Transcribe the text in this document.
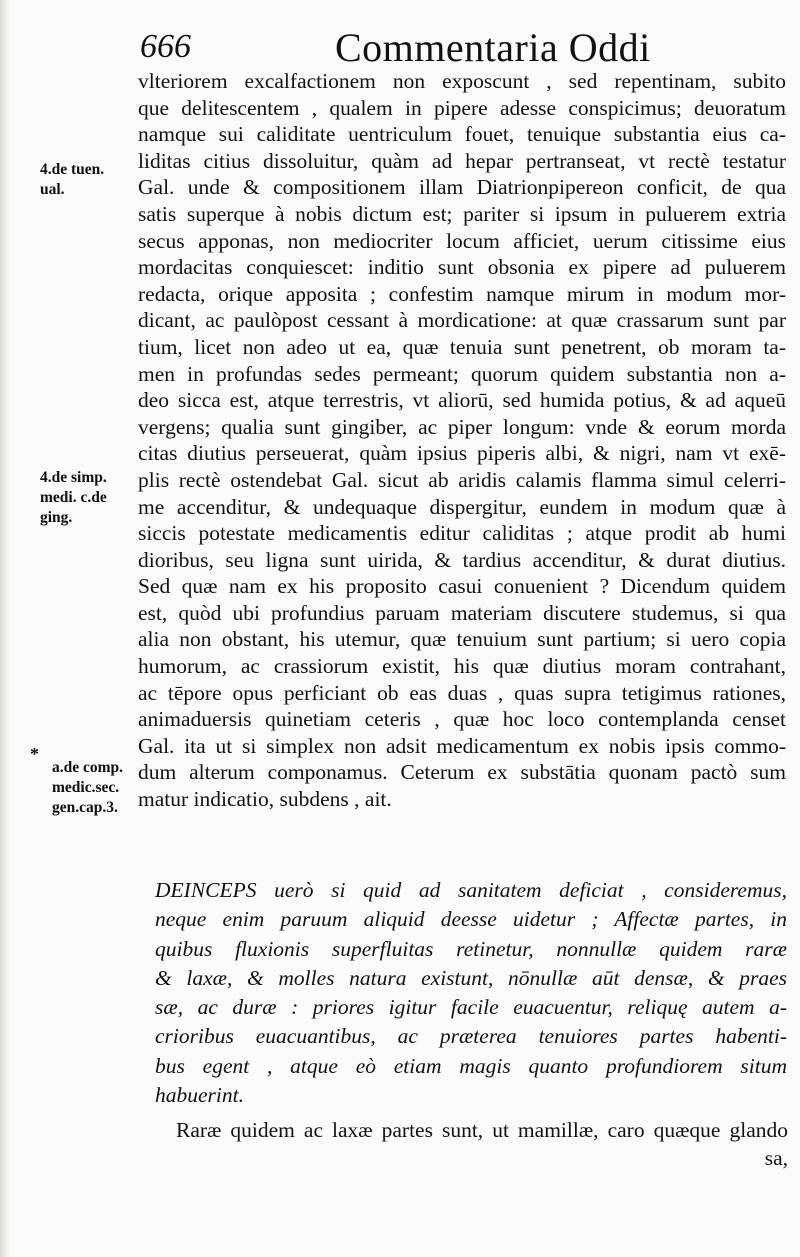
666	Commentaria Oddi
vlteriorem excalfactionem non exposcunt , sed repentinam, subito
que delitescentem , qualem in pipere adesse conspicimus; deuoratum
namque sui caliditate uentriculum fouet, tenuique substantia eius ca-
liditas citius dissoluitur, quàm ad hepar pertranseat, vt rectè testatur
Gal. unde & compositionem illam Diatrionpipereon conficit, de qua
satis superque à nobis dictum est; pariter si ipsum in puluerem extria
secus apponas, non mediocriter locum afficiet, uerum citissime eius
mordacitas conquiescet: inditio sunt obsonia ex pipere ad puluerem
redacta, orique apposita ; confestim namque mirum in modum mor-
dicant, ac paulòpost cessant à mordicatione: at quæ crassarum sunt par
tium, licet non adeo ut ea, quæ tenuia sunt penetrent, ob moram ta-
men in profundas sedes permeant; quorum quidem substantia non a-
deo sicca est, atque terrestris, vt aliorū, sed humida potius, & ad aqueū
vergens; qualia sunt gingiber, ac piper longum: vnde & eorum morda
citas diutius perseuerat, quàm ipsius piperis albi, & nigri, nam vt exē-
plis rectè ostendebat Gal. sicut ab aridis calamis flamma simul celerri-
me accenditur, & undequaque dispergitur, eundem in modum quæ à
siccis potestate medicamentis editur caliditas ; atque prodit ab humi
dioribus, seu ligna sunt uirida, & tardius accenditur, & durat diutius.
Sed quæ nam ex his proposito casui conuenient ? Dicendum quidem
est, quòd ubi profundius paruam materiam discutere studemus, si qua
alia non obstant, his utemur, quæ tenuium sunt partium; si uero copia
humorum, ac crassiorum existit, his quæ diutius moram contrahant,
ac tēpore opus perficiant ob eas duas , quas supra tetigimus rationes,
animaduersis quinetiam ceteris , quæ hoc loco contemplanda censet
Gal. ita ut si simplex non adsit medicamentum ex nobis ipsis commo-
dum alterum componamus. Ceterum ex substātia quonam pactò sum
matur indicatio, subdens , ait.
4.de tuen.
ual.
4.de simp.
medi. c.de
ging.
*
a.de comp.
medic.sec.
gen.cap.3.
DEINCEPS uerò si quid ad sanitatem deficiat , consideremus,
neque enim paruum aliquid deesse uidetur ; Affectæ partes, in
quibus fluxionis superfluitas retinetur, nonnullæ quidem raræ
& laxæ, & molles natura existunt, nōnullæ aūt densæ, & praes
sæ, ac duræ : priores igitur facile euacuentur, reliquę autem a-
crioribus euacuantibus, ac præterea tenuiores partes habenti-
bus egent , atque eò etiam magis quanto profundiorem situm
habuerint.
Raræ quidem ac laxæ partes sunt, ut mamillæ, caro quæque glando
sa,
